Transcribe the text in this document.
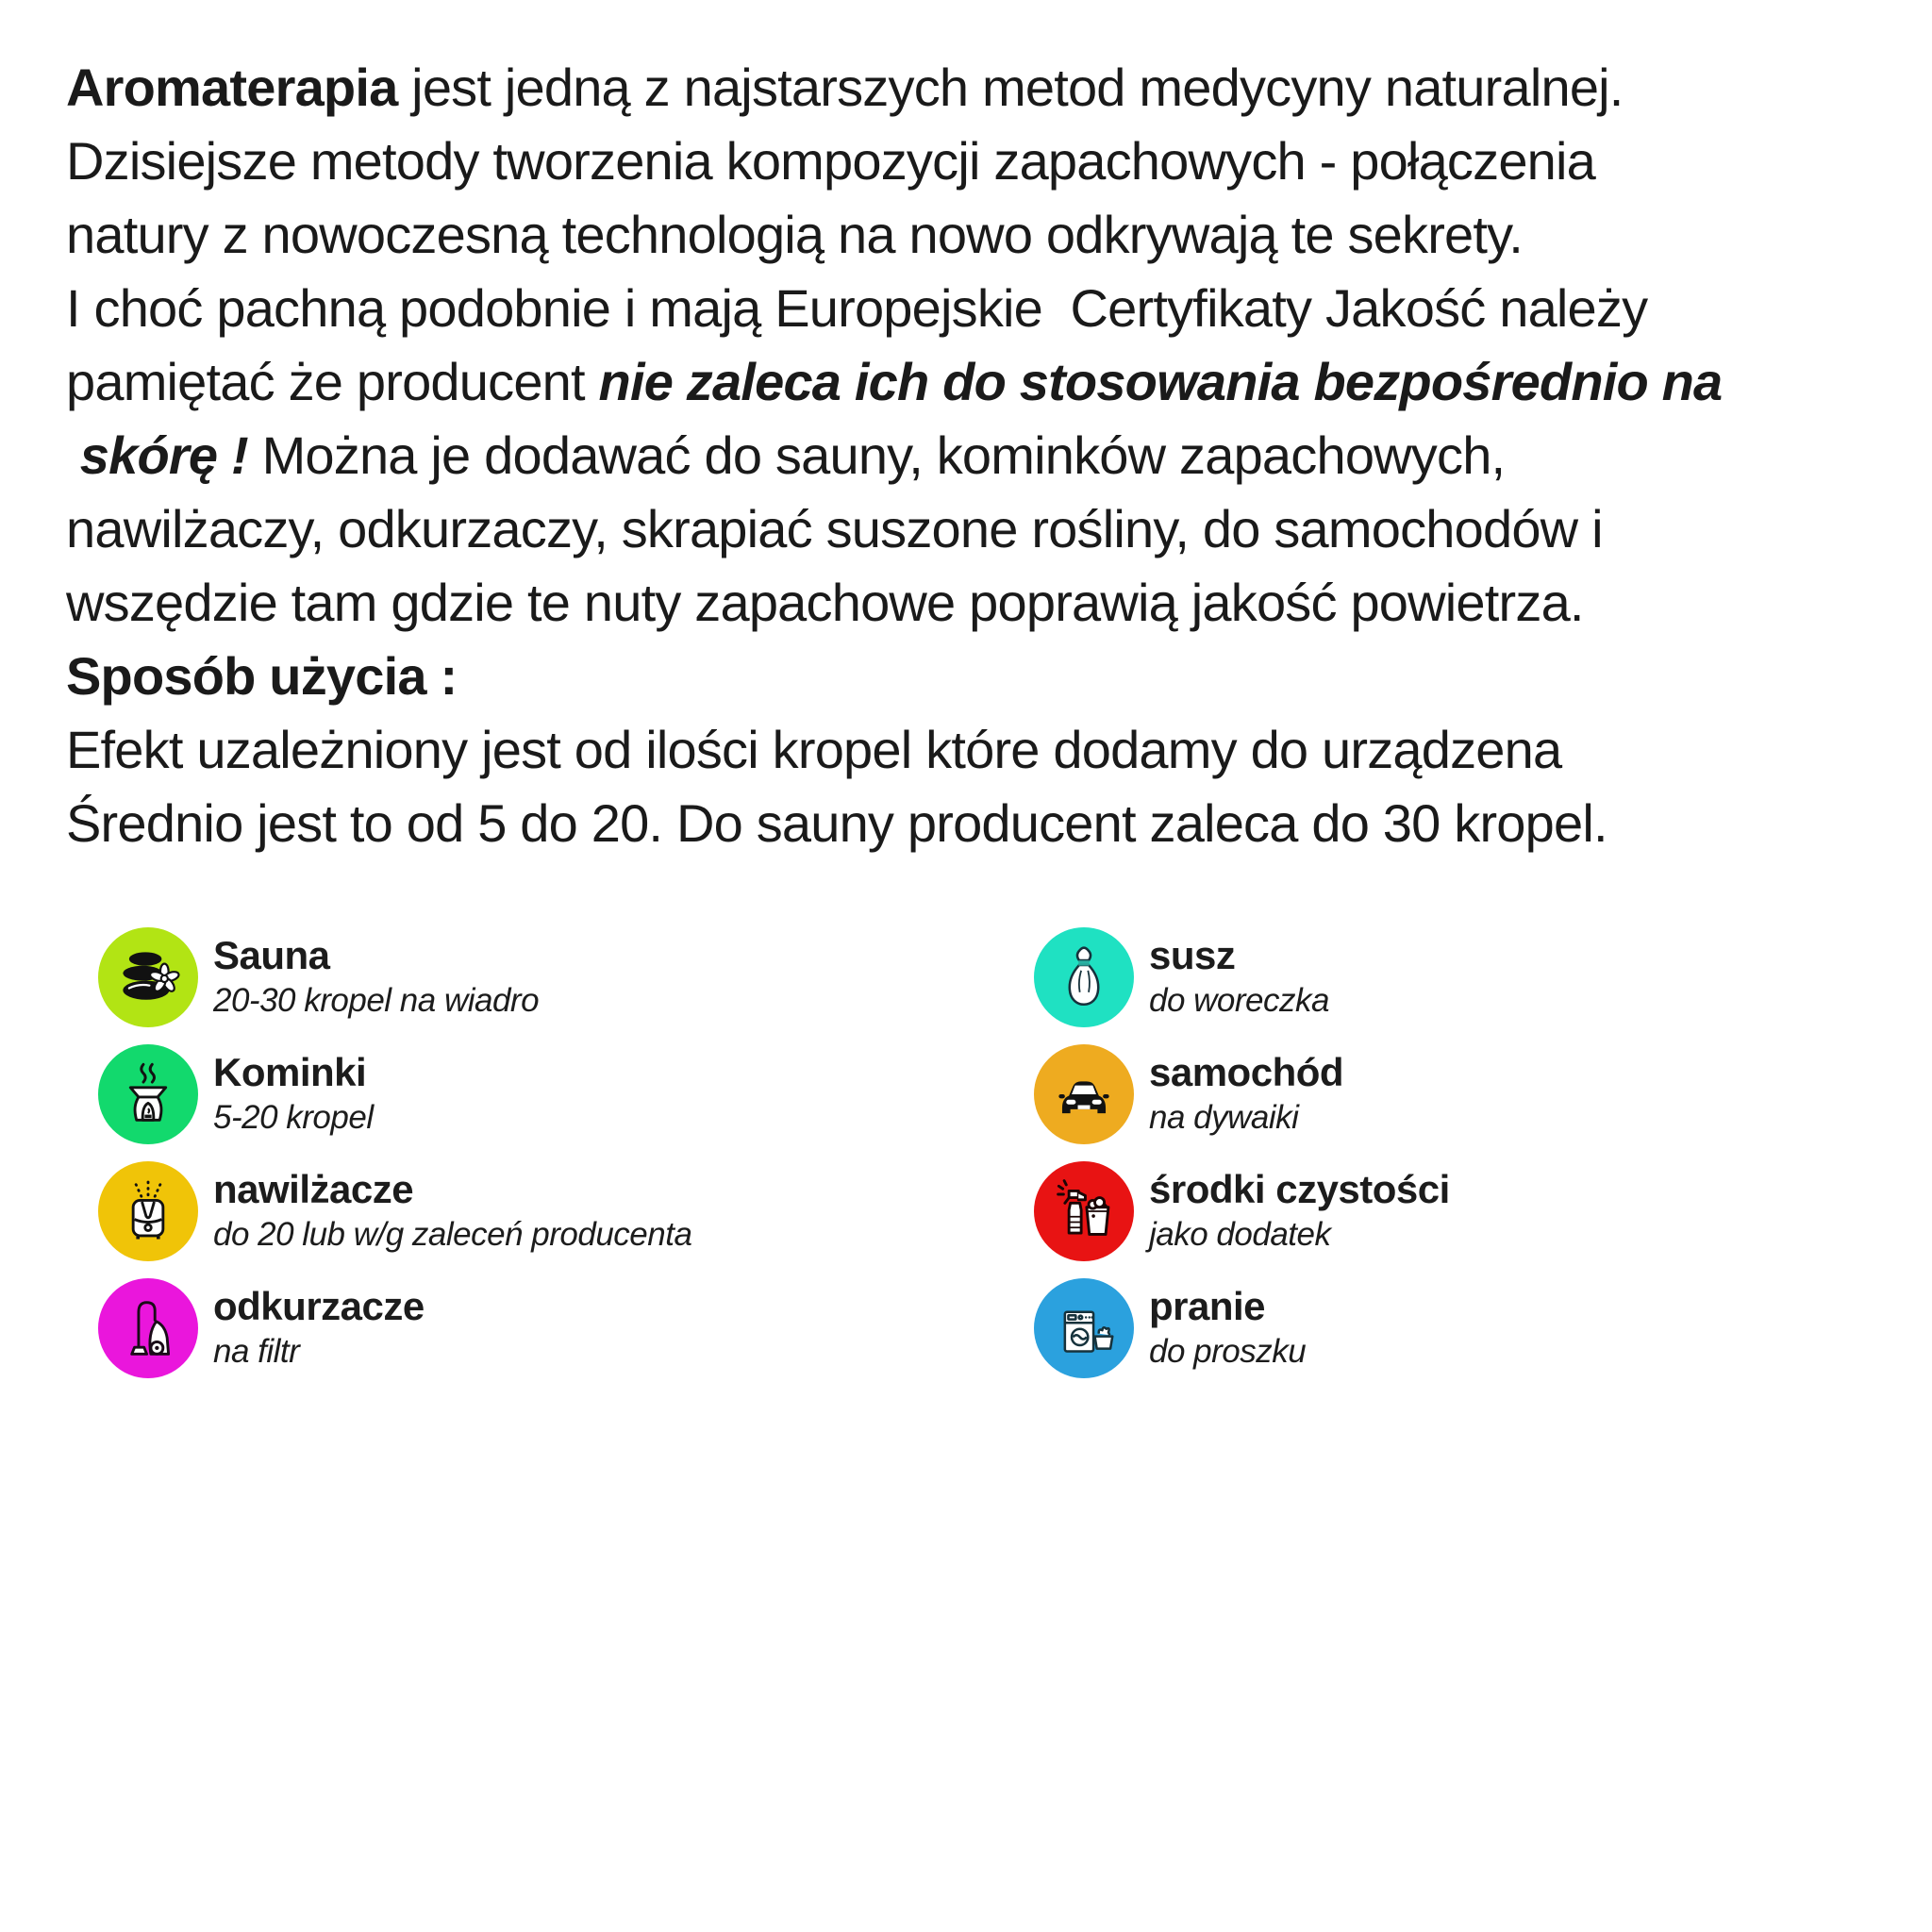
Aromaterapia jest jedną z najstarszych metod medycyny naturalnej.
Dzisiejsze metody tworzenia kompozycji zapachowych - połączenia
natury z nowoczesną technologią na nowo odkrywają te sekrety.
I choć pachną podobnie i mają Europejskie  Certyfikaty Jakość należy
pamiętać że producent nie zaleca ich do stosowania bezpośrednio na
skórę ! Można je dodawać do sauny, kominków zapachowych,
nawilżaczy, odkurzaczy, skrapiać suszone rośliny, do samochodów i
wszędzie tam gdzie te nuty zapachowe poprawią jakość powietrza.
Sposób użycia :
Efekt uzależniony jest od ilości kropel które dodamy do urządzena
Średnio jest to od 5 do 20. Do sauny producent zaleca do 30 kropel.
Sauna
20-30 kropel na wiadro
Kominki
5-20 kropel
nawilżacze
do 20 lub w/g zaleceń producenta
odkurzacze
na filtr
susz
do woreczka
samochód
na dywaiki
środki czystości
jako dodatek
pranie
do proszku
